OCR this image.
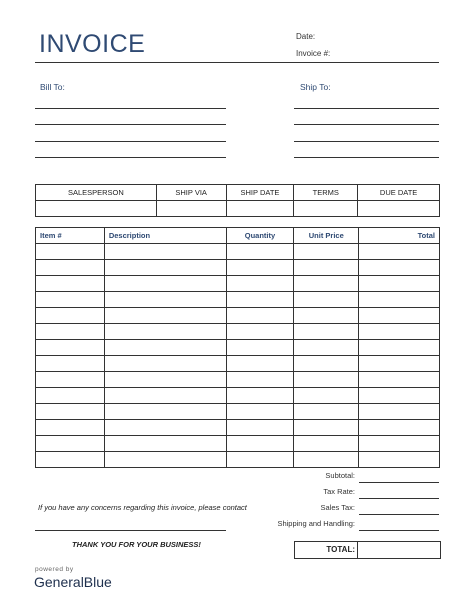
INVOICE	Date:
Invoice #:
Bill To:	Ship To:
SALESPERSON	SHIP VIA	SHIP DATE	TERMS	DUE DATE

Item #	Description	Quantity	Unit Price	Total

Subtotal:
Tax Rate:
Sales Tax:
Shipping and Handling:
TOTAL:
If you have any concerns regarding this invoice, please contact
THANK YOU FOR YOUR BUSINESS!
powered by
GeneralBlue
